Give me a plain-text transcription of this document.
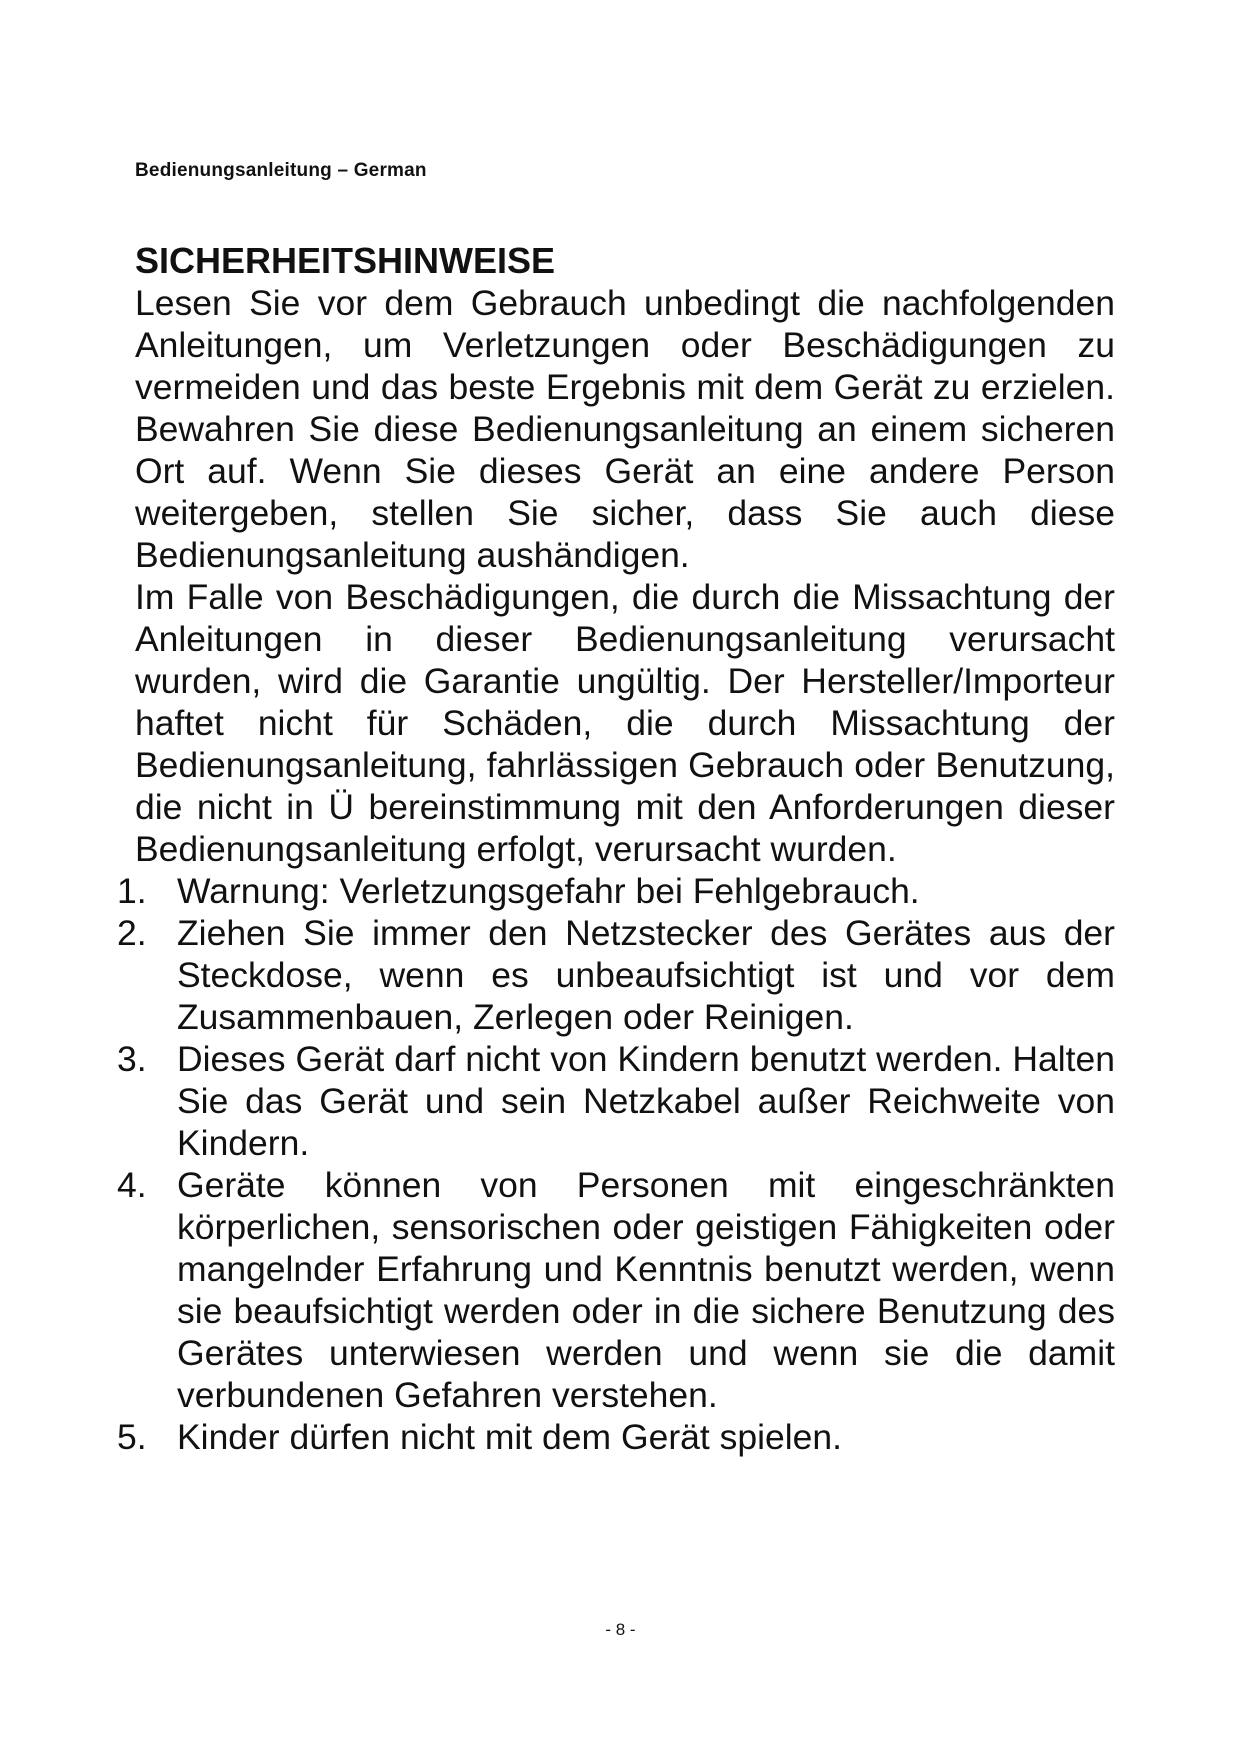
Bedienungsanleitung – German
SICHERHEITSHINWEISE

Lesen Sie vor dem Gebrauch unbedingt die nachfolgenden Anleitungen, um Verletzungen oder Beschädigungen zu vermeiden und das beste Ergebnis mit dem Gerät zu erzielen. Bewahren Sie diese Bedienungsanleitung an einem sicheren Ort auf. Wenn Sie dieses Gerät an eine andere Person weitergeben, stellen Sie sicher, dass Sie auch diese Bedienungsanleitung aushändigen.

Im Falle von Beschädigungen, die durch die Missachtung der Anleitungen in dieser Bedienungsanleitung verursacht wurden, wird die Garantie ungültig. Der Hersteller/Importeur haftet nicht für Schäden, die durch Missachtung der Bedienungsanleitung, fahrlässigen Gebrauch oder Benutzung, die nicht in Ü bereinstimmung mit den Anforderungen dieser Bedienungsanleitung erfolgt, verursacht wurden.

1. Warnung: Verletzungsgefahr bei Fehlgebrauch.
2. Ziehen Sie immer den Netzstecker des Gerätes aus der Steckdose, wenn es unbeaufsichtigt ist und vor dem Zusammenbauen, Zerlegen oder Reinigen.
3. Dieses Gerät darf nicht von Kindern benutzt werden. Halten Sie das Gerät und sein Netzkabel außer Reichweite von Kindern.
4. Geräte können von Personen mit eingeschränkten körperlichen, sensorischen oder geistigen Fähigkeiten oder mangelnder Erfahrung und Kenntnis benutzt werden, wenn sie beaufsichtigt werden oder in die sichere Benutzung des Gerätes unterwiesen werden und wenn sie die damit verbundenen Gefahren verstehen.
5. Kinder dürfen nicht mit dem Gerät spielen.
- 8 -
